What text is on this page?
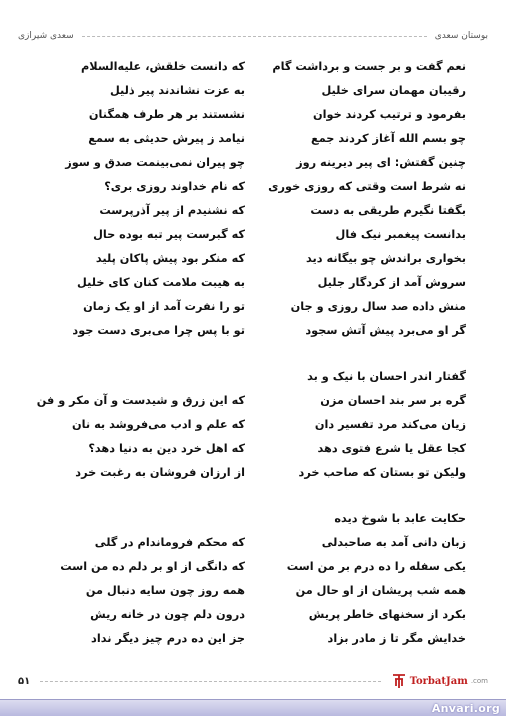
بوستان سعدی
سعدی شیرازی
نعم گفت و بر جست و برداشت گام
که دانست خلقش، علیه‌السلام
رقیبان مهمان سرای خلیل
به عزت نشاندند پیر ذلیل
بفرمود و ترتیب کردند خوان
نشستند بر هر طرف همگنان
چو بسم الله آغاز کردند جمع
نیامد ز پیرش حدیثی به سمع
چنین گفتش: ای پیر دیرینه روز
چو پیران نمی‌بینمت صدق و سوز
نه شرط است وقتی که روزی خوری
که نام خداوند روزی بری؟
بگفتا نگیرم طریقی به دست
که نشنیدم از پیر آذرپرست
بدانست پیغمبر نیک فال
که گبرست پیر تبه بوده حال
بخواری براندش چو بیگانه دید
که منکر بود پیش پاکان پلید
سروش آمد از کردگار جلیل
به هیبت ملامت کنان کای خلیل
منش داده صد سال روزی و جان
تو را نفرت آمد از او یک زمان
گر او می‌برد پیش آتش سجود
تو با پس چرا می‌بری دست جود
گفتار اندر احسان با نیک و بد
گره بر سر بند احسان مزن
که این زرق و شیدست و آن مکر و فن
زیان می‌کند مرد تفسیر دان
که علم و ادب می‌فروشد به نان
کجا عقل یا شرع فتوی دهد
که اهل خرد دین به دنیا دهد؟
ولیکن تو بستان که صاحب خرد
از ارزان فروشان به رغبت خرد
حکایت عابد با شوخ دیده
زبان دانی آمد به صاحبدلی
که محکم فروماندام در گلی
یکی سفله را ده درم بر من است
که دانگی از او بر دلم ده من است
همه شب پریشان از او حال من
همه روز چون سایه دنبال من
بکرد از سخنهای خاطر پریش
درون دلم چون در خانه ریش
خدایش مگر تا ز مادر بزاد
جز این ده درم چیز دیگر نداد
۵۱	TorbatJam .com
Anvari.org
